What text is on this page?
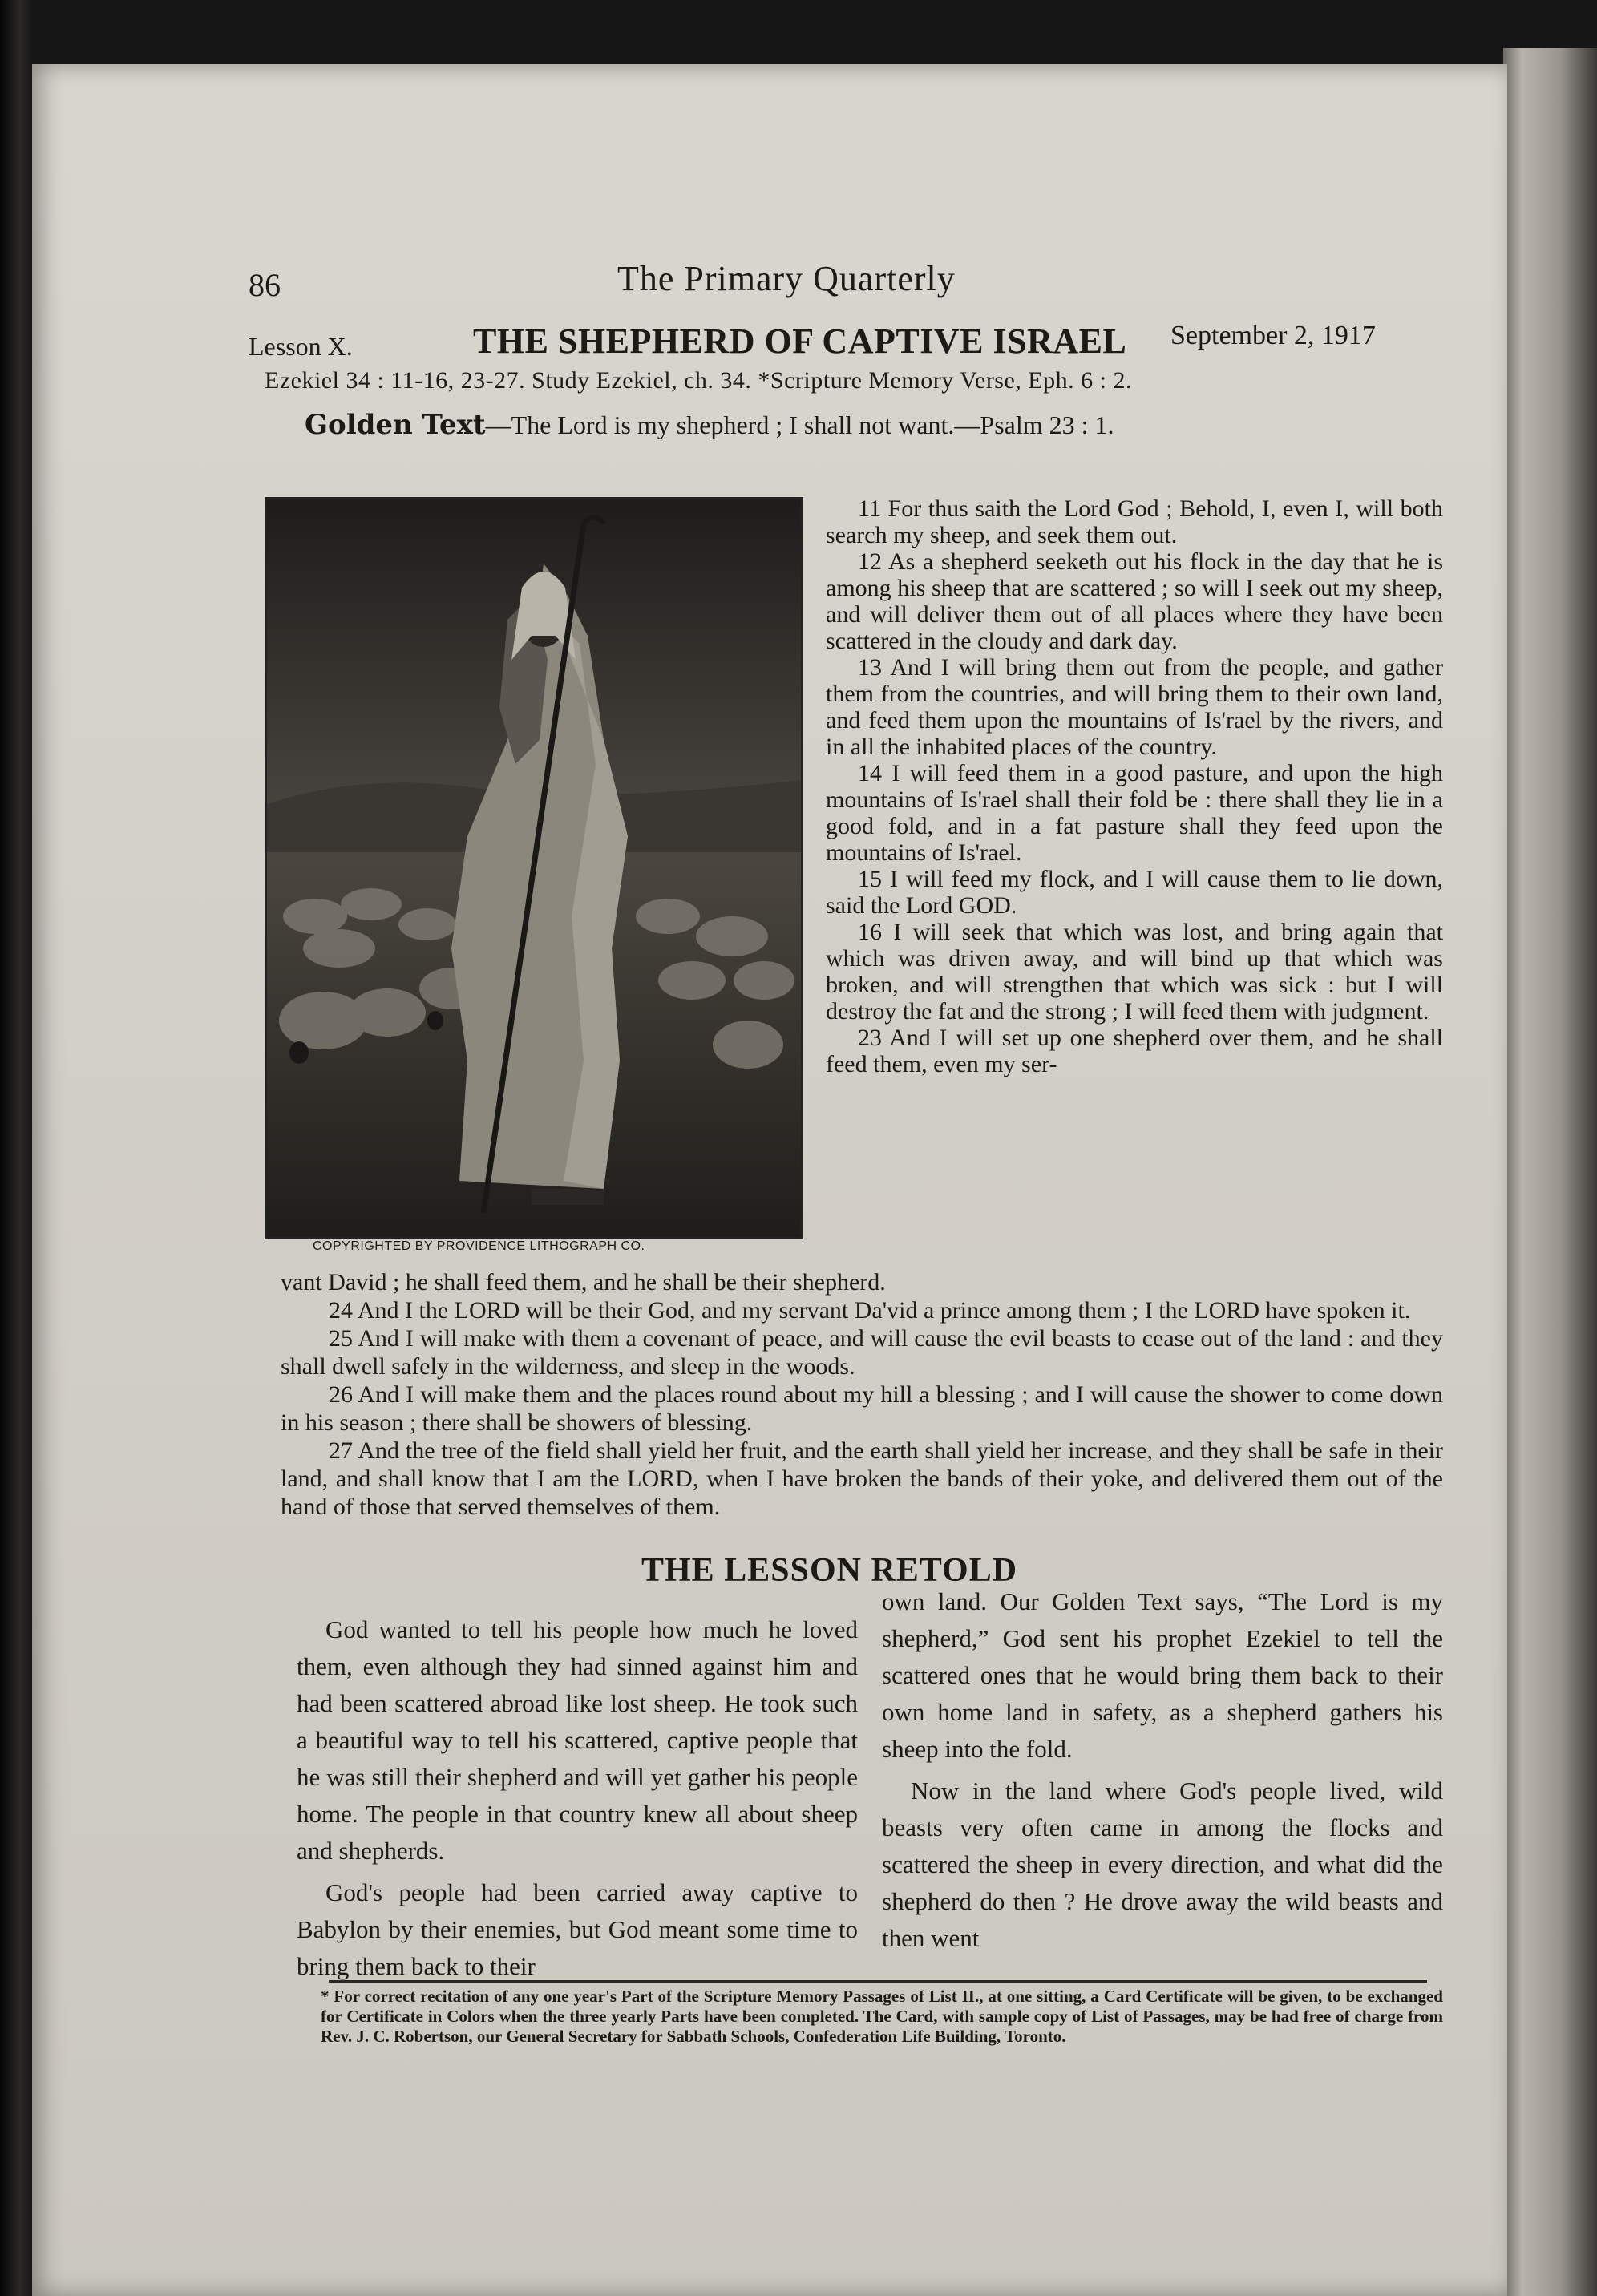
86	The Primary Quarterly
Lesson X.	THE SHEPHERD OF CAPTIVE ISRAEL September 2, 1917
Ezekiel 34 : 11-16, 23-27. Study Ezekiel, ch. 34. *Scripture Memory Verse, Eph. 6 : 2.
Golden Text—The Lord is my shepherd ; I shall not want.—Psalm 23 : 1.
COPYRIGHTED BY PROVIDENCE LITHOGRAPH CO.

11 For thus saith the Lord God ; Behold, I, even I, will both search my sheep, and seek them out.

12 As a shepherd seeketh out his flock in the day that he is among his sheep that are scattered ; so will I seek out my sheep, and will deliver them out of all places where they have been scattered in the cloudy and dark day.

13 And I will bring them out from the people, and gather them from the countries, and will bring them to their own land, and feed them upon the mountains of Is'rael by the rivers, and in all the inhabited places of the country.

14 I will feed them in a good pasture, and upon the high mountains of Is'rael shall their fold be : there shall they lie in a good fold, and in a fat pasture shall they feed upon the mountains of Is'rael.

15 I will feed my flock, and I will cause them to lie down, said the Lord GOD.

16 I will seek that which was lost, and bring again that which was driven away, and will bind up that which was broken, and will strengthen that which was sick : but I will destroy the fat and the strong ; I will feed them with judgment.

23 And I will set up one shepherd over them, and he shall feed them, even my ser-

vant David ; he shall feed them, and he shall be their shepherd.

24 And I the LORD will be their God, and my servant Da'vid a prince among them ; I the LORD have spoken it.

25 And I will make with them a covenant of peace, and will cause the evil beasts to cease out of the land : and they shall dwell safely in the wilderness, and sleep in the woods.

26 And I will make them and the places round about my hill a blessing ; and I will cause the shower to come down in his season ; there shall be showers of blessing.

27 And the tree of the field shall yield her fruit, and the earth shall yield her increase, and they shall be safe in their land, and shall know that I am the LORD, when I have broken the bands of their yoke, and delivered them out of the hand of those that served themselves of them.

THE LESSON RETOLD

God wanted to tell his people how much he loved them, even although they had sinned against him and had been scattered abroad like lost sheep. He took such a beautiful way to tell his scattered, captive people that he was still their shepherd and will yet gather his people home. The people in that country knew all about sheep and shepherds.

God's people had been carried away captive to Babylon by their enemies, but God meant some time to bring them back to their

own land. Our Golden Text says, “The Lord is my shepherd,” God sent his prophet Ezekiel to tell the scattered ones that he would bring them back to their own home land in safety, as a shepherd gathers his sheep into the fold.

Now in the land where God's people lived, wild beasts very often came in among the flocks and scattered the sheep in every direction, and what did the shepherd do then ? He drove away the wild beasts and then went

* For correct recitation of any one year's Part of the Scripture Memory Passages of List II., at one sitting, a Card Certificate will be given, to be exchanged for Certificate in Colors when the three yearly Parts have been completed. The Card, with sample copy of List of Passages, may be had free of charge from Rev. J. C. Robertson, our General Secretary for Sabbath Schools, Confederation Life Building, Toronto.
